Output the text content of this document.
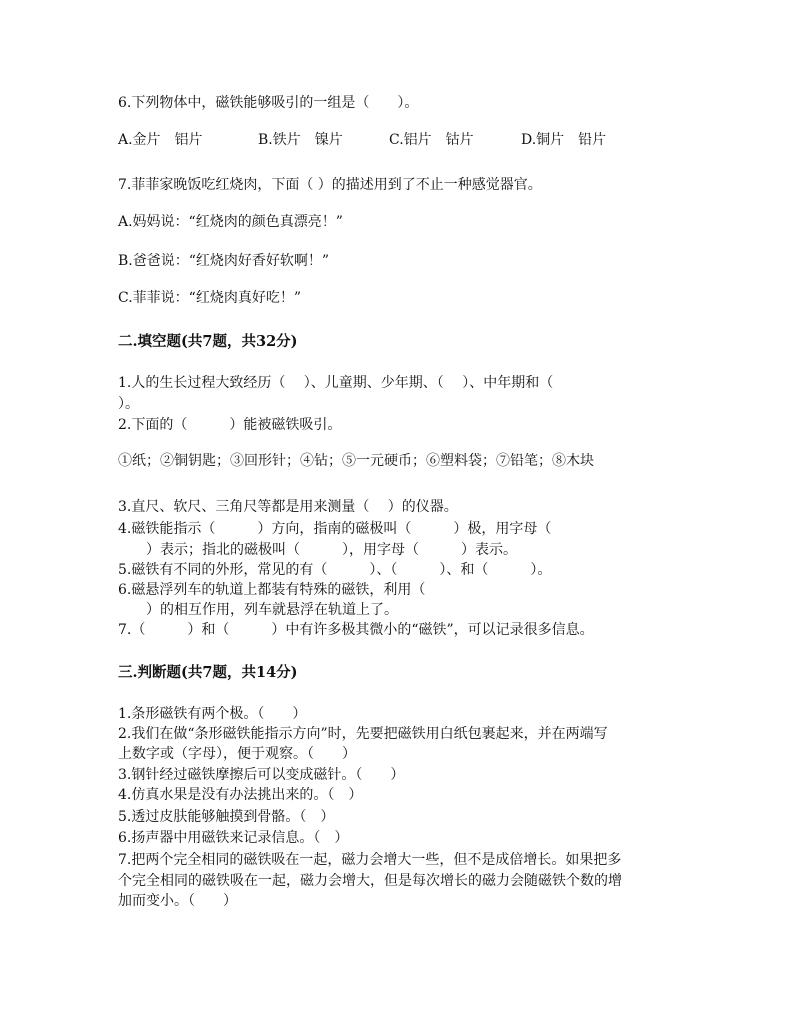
6.下列物体中，磁铁能够吸引的一组是（　　）。

A.金片　铝片	B.铁片　镍片	C.铝片　钴片	D.铜片　铅片

7.菲菲家晚饭吃红烧肉，下面（ ）的描述用到了不止一种感觉器官。

A.妈妈说：“红烧肉的颜色真漂亮！”

B.爸爸说：“红烧肉好香好软啊！”

C.菲菲说：“红烧肉真好吃！”

二.填空题(共7题，共32分)

1.人的生长过程大致经历（　 ）、儿童期、少年期、（　 ）、中年期和（

）。

2.下面的（　　　）能被磁铁吸引。

①纸；②铜钥匙；③回形针；④钻；⑤一元硬币；⑥塑料袋；⑦铅笔；⑧木块

3.直尺、软尺、三角尺等都是用来测量（　 ）的仪器。

4.磁铁能指示（　　　）方向，指南的磁极叫（　　　）极，用字母（

　　）表示；指北的磁极叫（　　　），用字母（　　　）表示。

5.磁铁有不同的外形，常见的有（　　　）、（　　　）、和（　　　）。

6.磁悬浮列车的轨道上都装有特殊的磁铁，利用（

　　）的相互作用，列车就悬浮在轨道上了。

7.（　　　）和（　　　）中有许多极其微小的“磁铁”，可以记录很多信息。

三.判断题(共7题，共14分)

1.条形磁铁有两个极。（　　）

2.我们在做“条形磁铁能指示方向”时，先要把磁铁用白纸包裹起来，并在两端写

上数字或（字母），便于观察。（　　）

3.钢针经过磁铁摩擦后可以变成磁针。（　　）

4.仿真水果是没有办法挑出来的。（　）

5.透过皮肤能够触摸到骨骼。（　）

6.扬声器中用磁铁来记录信息。（　）

7.把两个完全相同的磁铁吸在一起，磁力会增大一些，但不是成倍增长。如果把多

个完全相同的磁铁吸在一起，磁力会增大，但是每次增长的磁力会随磁铁个数的增

加而变小。（　　）
